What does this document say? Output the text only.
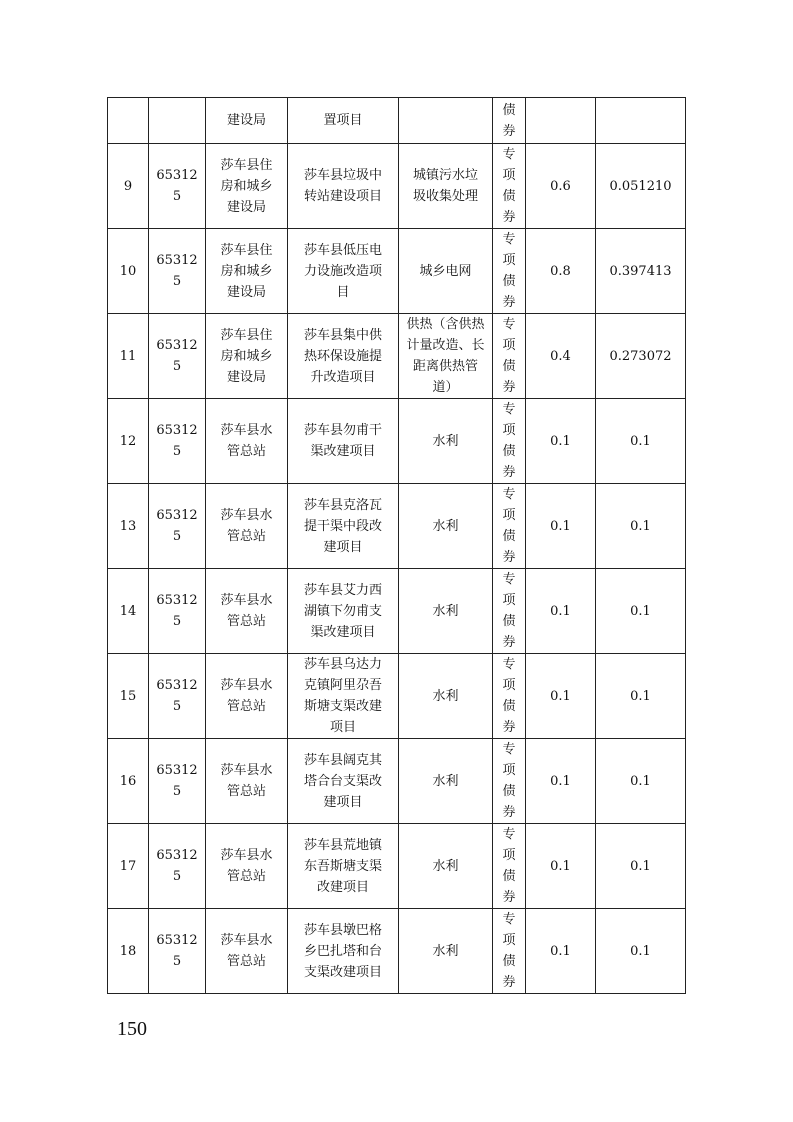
		建设局	置项目		债
券		

9	65312
5	莎车县住
房和城乡
建设局	莎车县垃圾中
转站建设项目	城镇污水垃
圾收集处理	专
项
债
券	0.6	0.051210
10	65312
5	莎车县住
房和城乡
建设局	莎车县低压电
力设施改造项
目	城乡电网	专
项
债
券	0.8	0.397413
11	65312
5	莎车县住
房和城乡
建设局	莎车县集中供
热环保设施提
升改造项目	供热（含供热
计量改造、长
距离供热管
道）	专
项
债
券	0.4	0.273072
12	65312
5	莎车县水
管总站	莎车县勿甫干
渠改建项目	水利	专
项
债
券	0.1	0.1
13	65312
5	莎车县水
管总站	莎车县克洛瓦
提干渠中段改
建项目	水利	专
项
债
券	0.1	0.1
14	65312
5	莎车县水
管总站	莎车县艾力西
湖镇下勿甫支
渠改建项目	水利	专
项
债
券	0.1	0.1
15	65312
5	莎车县水
管总站	莎车县乌达力
克镇阿里尕吾
斯塘支渠改建
项目	水利	专
项
债
券	0.1	0.1
16	65312
5	莎车县水
管总站	莎车县阔克其
塔合台支渠改
建项目	水利	专
项
债
券	0.1	0.1
17	65312
5	莎车县水
管总站	莎车县荒地镇
东吾斯塘支渠
改建项目	水利	专
项
债
券	0.1	0.1
18	65312
5	莎车县水
管总站	莎车县墩巴格
乡巴扎塔和台
支渠改建项目	水利	专
项
债
券	0.1	0.1
150
